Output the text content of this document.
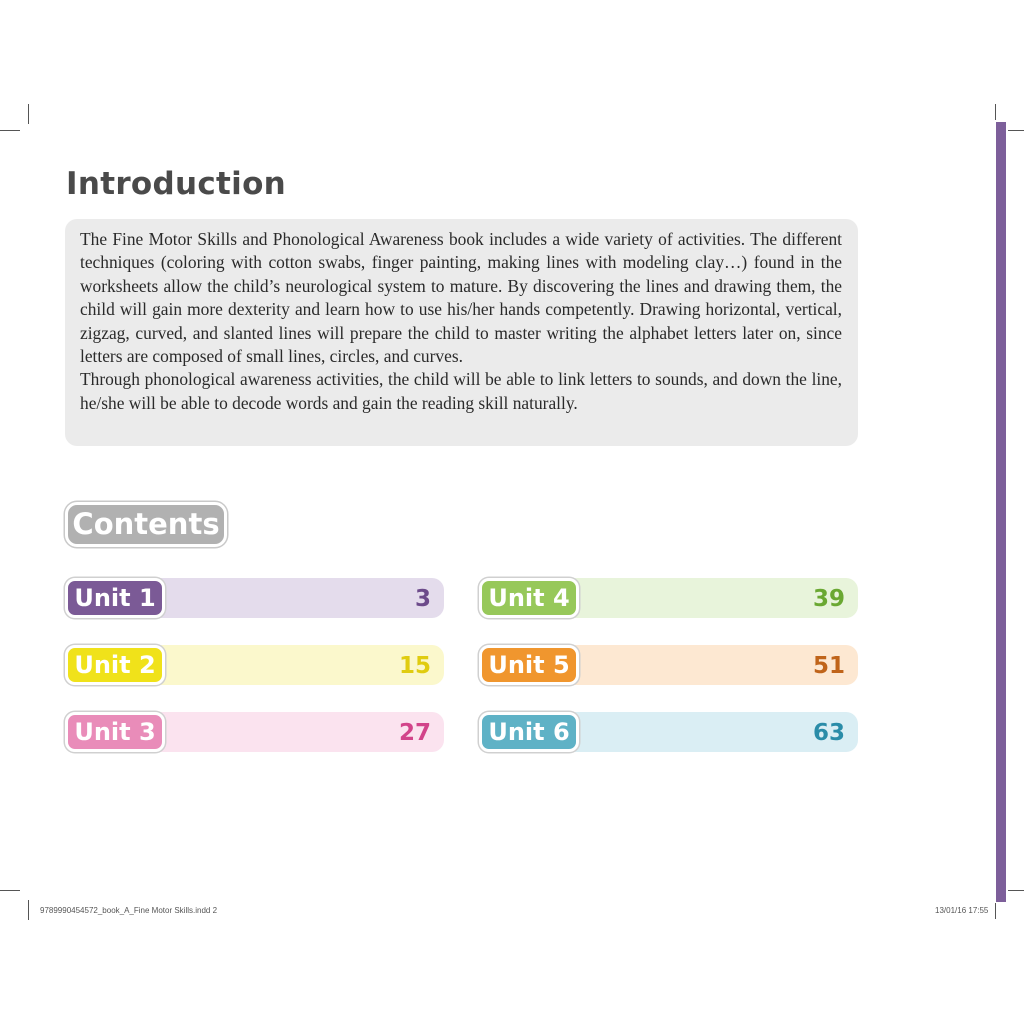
Introduction

The Fine Motor Skills and Phonological Awareness book includes a wide variety of activities. The different techniques (coloring with cotton swabs, finger painting, making lines with modeling clay…) found in the worksheets allow the child’s neurological system to mature. By discovering the lines and drawing them, the child will gain more dexterity and learn how to use his/her hands competently. Drawing horizontal, vertical, zigzag, curved, and slanted lines will prepare the child to master writing the alphabet letters later on, since letters are composed of small lines, circles, and curves.

Through phonological awareness activities, the child will be able to link letters to sounds, and down the line, he/she will be able to decode words and gain the reading skill naturally.

Contents
Unit 1	3
Unit 2	15
Unit 3	27
Unit 4	39
Unit 5	51
Unit 6	63
9789990454572_book_A_Fine Motor Skills.indd 2	13/01/16 17:55
